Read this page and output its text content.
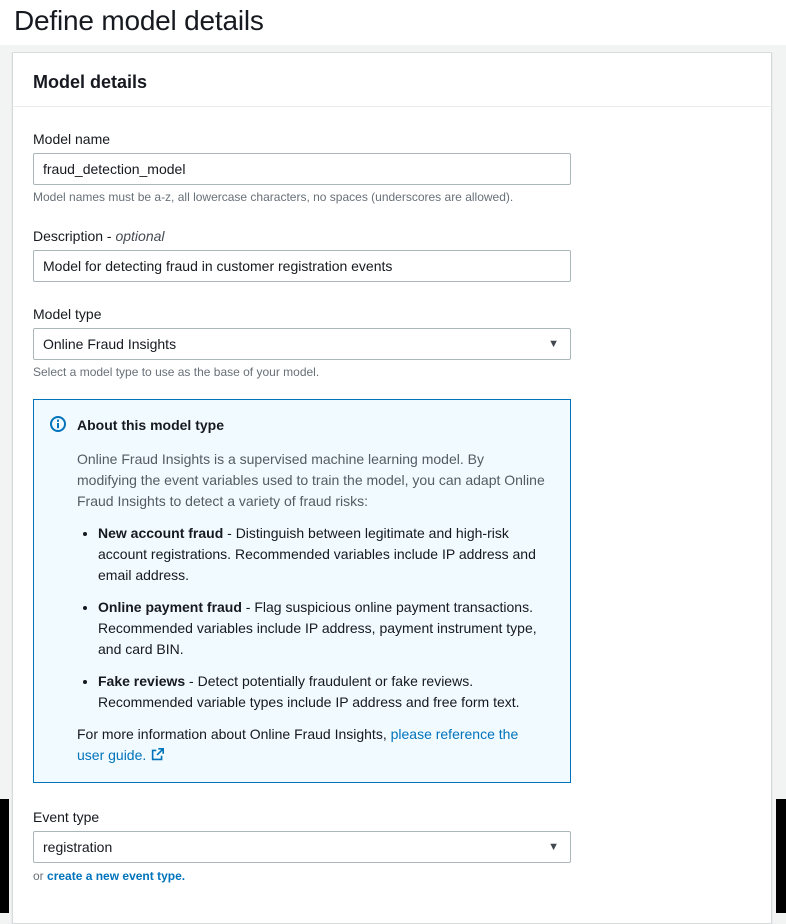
Define model details
Model details
Model name
fraud_detection_model
Model names must be a-z, all lowercase characters, no spaces (underscores are allowed).
Description - optional
Model for detecting fraud in customer registration events
Model type
Online Fraud Insights	▼
Select a model type to use as the base of your model.
About this model type

Online Fraud Insights is a supervised machine learning model. By modifying the event variables used to train the model, you can adapt Online Fraud Insights to detect a variety of fraud risks:

• New account fraud - Distinguish between legitimate and high-risk account registrations. Recommended variables include IP address and email address.
• Online payment fraud - Flag suspicious online payment transactions. Recommended variables include IP address, payment instrument type, and card BIN.
• Fake reviews - Detect potentially fraudulent or fake reviews. Recommended variable types include IP address and free form text.

For more information about Online Fraud Insights, please reference the user guide.

Event type
registration	▼
or create a new event type.
